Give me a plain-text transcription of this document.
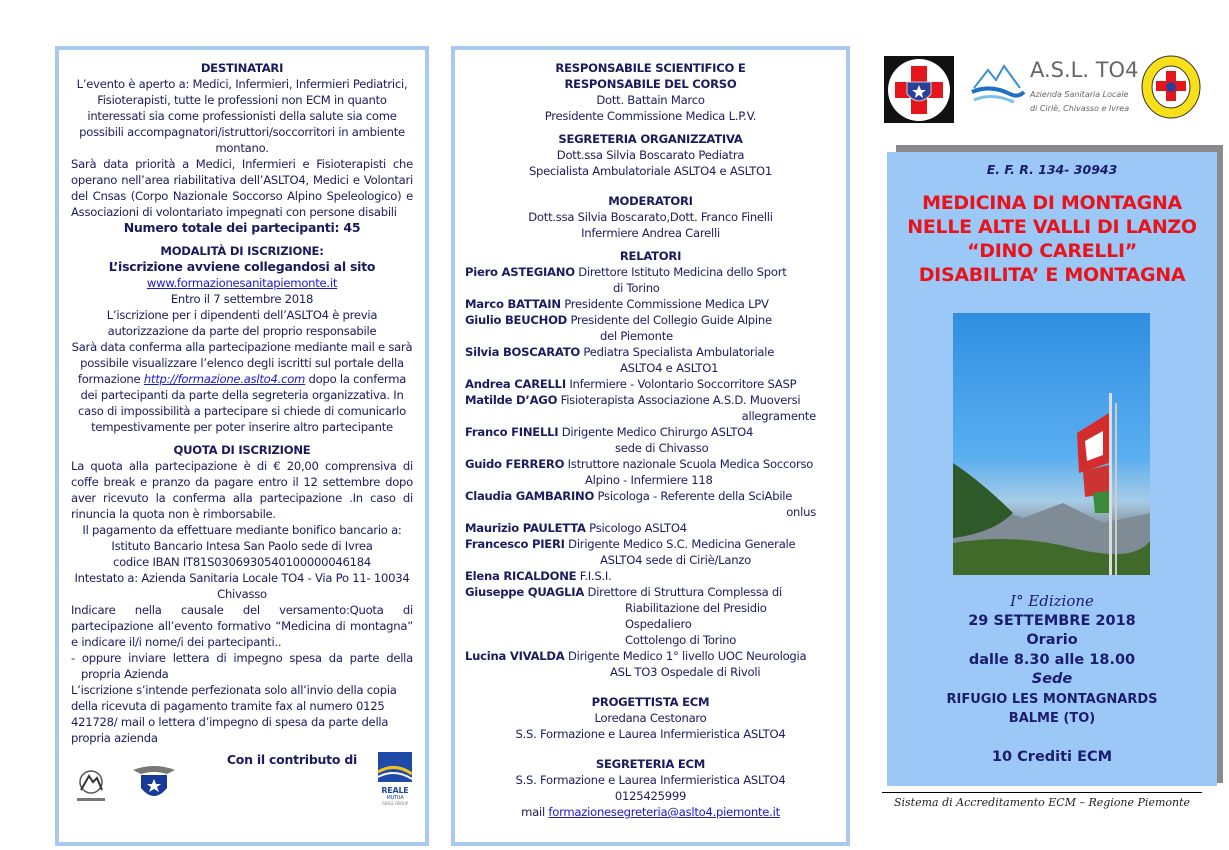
DESTINATARI
L’evento è aperto a: Medici, Infermieri, Infermieri Pediatrici, Fisioterapisti, tutte le professioni non ECM in quanto interessati sia come professionisti della salute sia come possibili accompagnatori/istruttori/soccorritori in ambiente montano.
Sarà data priorità a Medici, Infermieri e Fisioterapisti che operano nell’area riabilitativa dell’ASLTO4, Medici e Volontari del Cnsas (Corpo Nazionale Soccorso Alpino Speleologico) e Associazioni di volontariato impegnati con persone disabili
Numero totale dei partecipanti: 45
MODALITÀ DI ISCRIZIONE:
L’iscrizione avviene collegandosi al sito
www.formazionesanitapiemonte.it
Entro il 7 settembre 2018
L’iscrizione per i dipendenti dell’ASLTO4 è previa autorizzazione da parte del proprio responsabile
Sarà data conferma alla partecipazione mediante mail e sarà possibile visualizzare l’elenco degli iscritti sul portale della formazione http://formazione.aslto4.com dopo la conferma dei partecipanti da parte della segreteria organizzativa. In caso di impossibilità a partecipare si chiede di comunicarlo tempestivamente per poter inserire altro partecipante
QUOTA DI ISCRIZIONE
La quota alla partecipazione è di € 20,00 comprensiva di coffe break e pranzo da pagare entro il 12 settembre dopo aver ricevuto la conferma alla partecipazione .In caso di rinuncia la quota non è rimborsabile.
Il pagamento da effettuare mediante bonifico bancario a:
Istituto Bancario Intesa San Paolo sede di Ivrea
codice IBAN IT81S0306930540100000046184
Intestato a: Azienda Sanitaria Locale TO4 - Via Po 11- 10034 Chivasso
Indicare nella causale del versamento:Quota di partecipazione all’evento formativo “Medicina di montagna” e indicare il/i nome/i dei partecipanti..
- oppure inviare lettera di impegno spesa da parte della propria Azienda
L’iscrizione s’intende perfezionata solo all’invio della copia della ricevuta di pagamento tramite fax al numero 0125 421728/ mail o lettera d’impegno di spesa da parte della propria azienda
Con il contributo di
REALE
MUTUA
REALE GROUP
RESPONSABILE SCIENTIFICO E RESPONSABILE DEL CORSO
Dott. Battain Marco
Presidente Commissione Medica L.P.V.
SEGRETERIA ORGANIZZATIVA
Dott.ssa Silvia Boscarato Pediatra
Specialista Ambulatoriale ASLTO4 e ASLTO1
MODERATORI
Dott.ssa Silvia Boscarato,Dott. Franco Finelli
Infermiere Andrea Carelli
RELATORI
Piero ASTEGIANO Direttore Istituto Medicina dello Sport
di Torino
Marco BATTAIN Presidente Commissione Medica LPV
Giulio BEUCHOD Presidente del Collegio Guide Alpine
del Piemonte
Silvia BOSCARATO Pediatra Specialista Ambulatoriale
ASLTO4 e ASLTO1
Andrea CARELLI Infermiere - Volontario Soccorritore SASP
Matilde D’AGO Fisioterapista Associazione A.S.D. Muoversi
allegramente
Franco FINELLI Dirigente Medico Chirurgo ASLTO4
sede di Chivasso
Guido FERRERO Istruttore nazionale Scuola Medica Soccorso
Alpino - Infermiere 118
Claudia GAMBARINO Psicologa - Referente della SciAbile
onlus
Maurizio PAULETTA Psicologo ASLTO4
Francesco PIERI Dirigente Medico S.C. Medicina Generale
ASLTO4 sede di Ciriè/Lanzo
Elena RICALDONE F.I.S.I.
Giuseppe QUAGLIA Direttore di Struttura Complessa di
Riabilitazione del Presidio Ospedaliero
Cottolengo di Torino
Lucina VIVALDA Dirigente Medico 1° livello UOC Neurologia
ASL TO3 Ospedale di Rivoli
PROGETTISTA ECM
Loredana Cestonaro
S.S. Formazione e Laurea Infermieristica ASLTO4
SEGRETERIA ECM
S.S. Formazione e Laurea Infermieristica ASLTO4
0125425999
mail formazionesegreteria@aslto4.piemonte.it
A.S.L. TO4
Azienda Sanitaria Locale
di Ciriè, Chivasso e Ivrea
E. F. R. 134- 30943
MEDICINA DI MONTAGNA
NELLE ALTE VALLI DI LANZO
“DINO CARELLI”
DISABILITA’ E MONTAGNA
I° Edizione
29 SETTEMBRE 2018
Orario
dalle 8.30 alle 18.00
Sede
RIFUGIO LES MONTAGNARDS
BALME (TO)
10 Crediti ECM
Sistema di Accreditamento ECM – Regione Piemonte
